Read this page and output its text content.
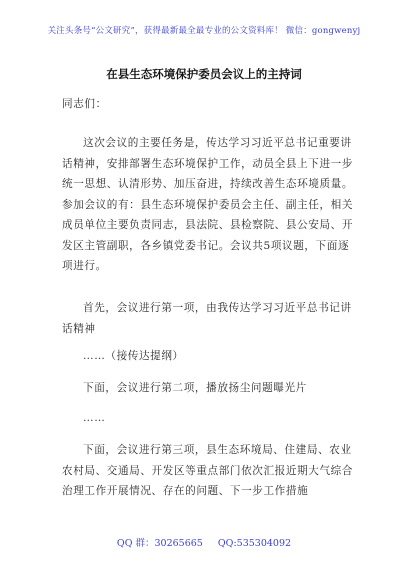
关注头条号“公文研究”，获得最新最全最专业的公文资料库！ 微信：gongwenyj
在县生态环境保护委员会议上的主持词
同志们：
这次会议的主要任务是，传达学习习近平总书记重要讲话精神，安排部署生态环境保护工作，动员全县上下进一步统一思想、认清形势、加压奋进，持续改善生态环境质量。参加会议的有：县生态环境保护委员会主任、副主任，相关成员单位主要负责同志，县法院、县检察院、县公安局、开发区主管副职，各乡镇党委书记。会议共5项议题，下面逐项进行。
首先，会议进行第一项，由我传达学习习近平总书记讲话精神
……（接传达提纲）
下面，会议进行第二项，播放扬尘问题曝光片
……
下面，会议进行第三项，县生态环境局、住建局、农业农村局、交通局、开发区等重点部门依次汇报近期大气综合治理工作开展情况、存在的问题、下一步工作措施
QQ 群：30265665 QQ:535304092
